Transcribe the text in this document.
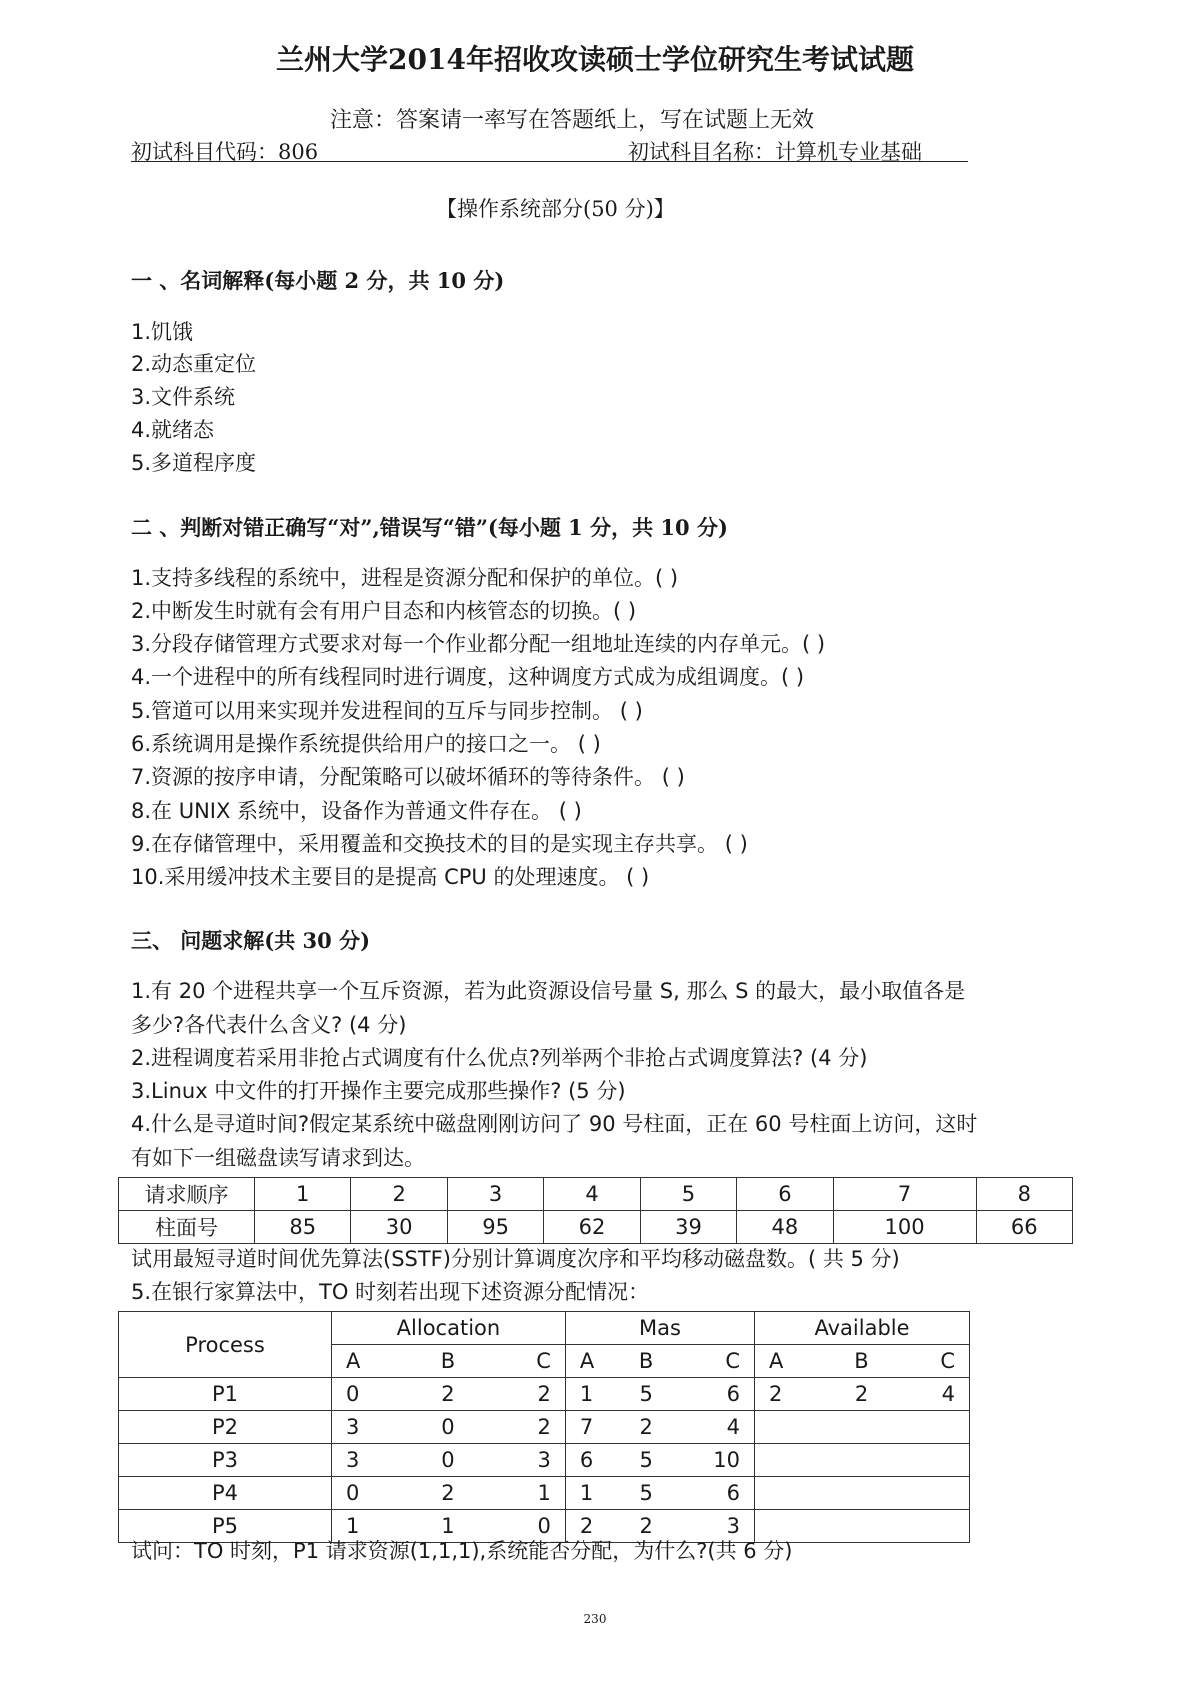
兰州大学2014年招收攻读硕士学位研究生考试试题
注意：答案请一率写在答题纸上，写在试题上无效
初试科目代码：806	初试科目名称：计算机专业基础
【操作系统部分(50 分)】
一 、名词解释(每小题 2 分，共 10 分)
1.饥饿
2.动态重定位
3.文件系统
4.就绪态
5.多道程序度
二 、判断对错正确写“对”,错误写“错”(每小题 1 分，共 10 分)
1.支持多线程的系统中，进程是资源分配和保护的单位。( )
2.中断发生时就有会有用户目态和内核管态的切换。( )
3.分段存储管理方式要求对每一个作业都分配一组地址连续的内存单元。( )
4.一个进程中的所有线程同时进行调度，这种调度方式成为成组调度。( )
5.管道可以用来实现并发进程间的互斥与同步控制。 ( )
6.系统调用是操作系统提供给用户的接口之一。 ( )
7.资源的按序申请，分配策略可以破坏循环的等待条件。 ( )
8.在 UNIX 系统中，设备作为普通文件存在。 ( )
9.在存储管理中，采用覆盖和交换技术的目的是实现主存共享。 ( )
10.采用缓冲技术主要目的是提高 CPU 的处理速度。 ( )
三、 问题求解(共 30 分)
1.有 20 个进程共享一个互斥资源，若为此资源设信号量 S, 那么 S 的最大，最小取值各是
多少?各代表什么含义? (4 分)
2.进程调度若采用非抢占式调度有什么优点?列举两个非抢占式调度算法? (4 分)
3.Linux 中文件的打开操作主要完成那些操作? (5 分)
4.什么是寻道时间?假定某系统中磁盘刚刚访问了 90 号柱面，正在 60 号柱面上访问，这时
有如下一组磁盘读写请求到达。
请求顺序	1	2	3	4	5	6	7	8
柱面号	85	30	95	62	39	48	100	66
试用最短寻道时间优先算法(SSTF)分别计算调度次序和平均移动磁盘数。( 共 5 分)
5.在银行家算法中，TO 时刻若出现下述资源分配情况：
Process	Allocation			Mas			Available		
	A	B	C	A	B	C	A	B	C
P1	0	2	2	1	5	6	2	2	4
P2	3	0	2	7	2	4			
P3	3	0	3	6	5	10			
P4	0	2	1	1	5	6			
P5	1	1	0	2	2	3			
试问：TO 时刻，P1 请求资源(1,1,1),系统能否分配，为什么?(共 6 分)
230
